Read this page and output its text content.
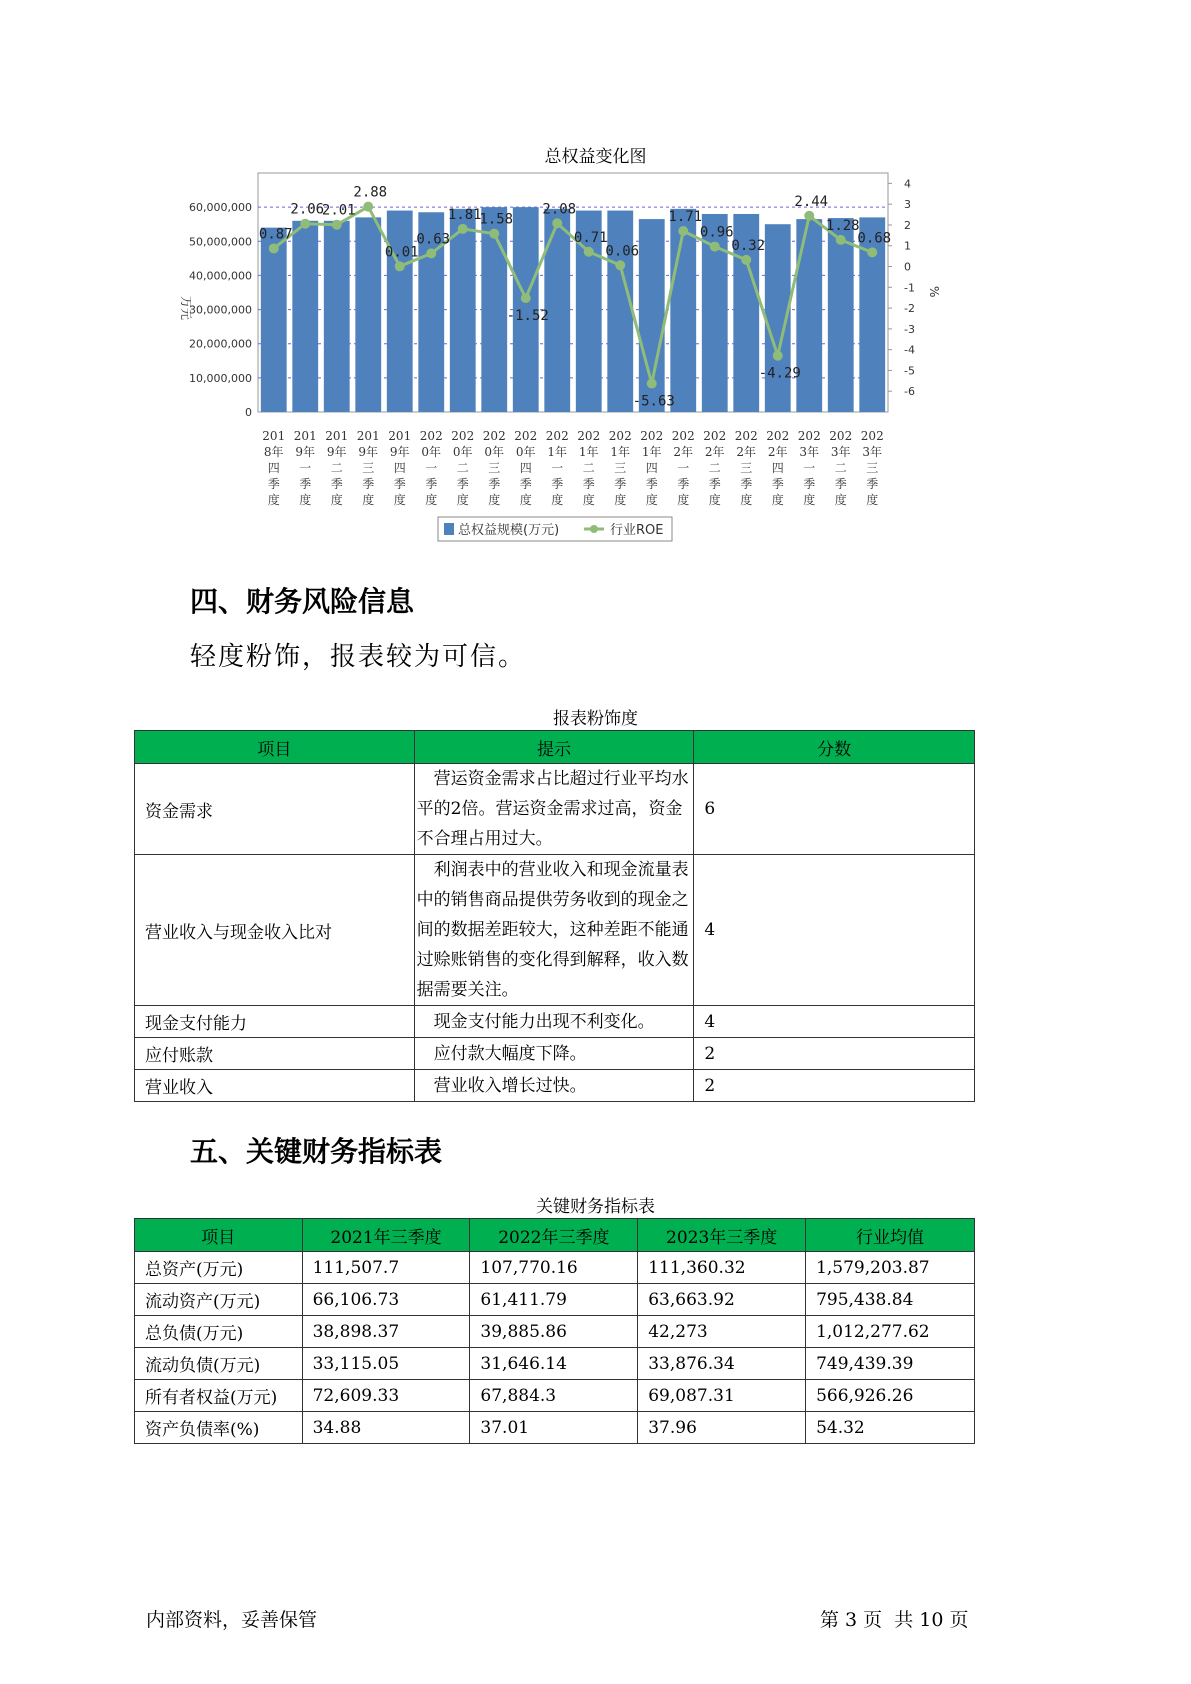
总权益变化图
0
10,000,000
20,000,000
30,000,000
40,000,000
50,000,000
60,000,000
-6
-5
-4
-3
-2
-1
0
1
2
3
4
万元
%
0.87
2.06
2.01
2.88
0.01
0.63
1.81
1.58
-1.52
2.08
0.71
0.06
-5.63
1.71
0.96
0.32
-4.29
2.44
1.28
0.68
201
8年
四
季
度
201
9年
一
季
度
201
9年
二
季
度
201
9年
三
季
度
201
9年
四
季
度
202
0年
一
季
度
202
0年
二
季
度
202
0年
三
季
度
202
0年
四
季
度
202
1年
一
季
度
202
1年
二
季
度
202
1年
三
季
度
202
1年
四
季
度
202
2年
一
季
度
202
2年
二
季
度
202
2年
三
季
度
202
2年
四
季
度
202
3年
一
季
度
202
3年
二
季
度
202
3年
三
季
度
总权益规模(万元)	行业ROE
四、财务风险信息
轻度粉饰，报表较为可信。
报表粉饰度
项目	提示	分数
资金需求	营运资金需求占比超过行业平均水平的2倍。营运资金需求过高，资金不合理占用过大。	6
营业收入与现金收入比对	利润表中的营业收入和现金流量表中的销售商品提供劳务收到的现金之间的数据差距较大，这种差距不能通过赊账销售的变化得到解释，收入数据需要关注。	4
现金支付能力	现金支付能力出现不利变化。	4
应付账款	应付款大幅度下降。	2
营业收入	营业收入增长过快。	2
五、关键财务指标表
关键财务指标表
项目	2021年三季度	2022年三季度	2023年三季度	行业均值
总资产(万元)	111,507.7	107,770.16	111,360.32	1,579,203.87
流动资产(万元)	66,106.73	61,411.79	63,663.92	795,438.84
总负债(万元)	38,898.37	39,885.86	42,273	1,012,277.62
流动负债(万元)	33,115.05	31,646.14	33,876.34	749,439.39
所有者权益(万元)	72,609.33	67,884.3	69,087.31	566,926.26
资产负债率(%)	34.88	37.01	37.96	54.32
内部资料，妥善保管	第 3 页  共 10 页
